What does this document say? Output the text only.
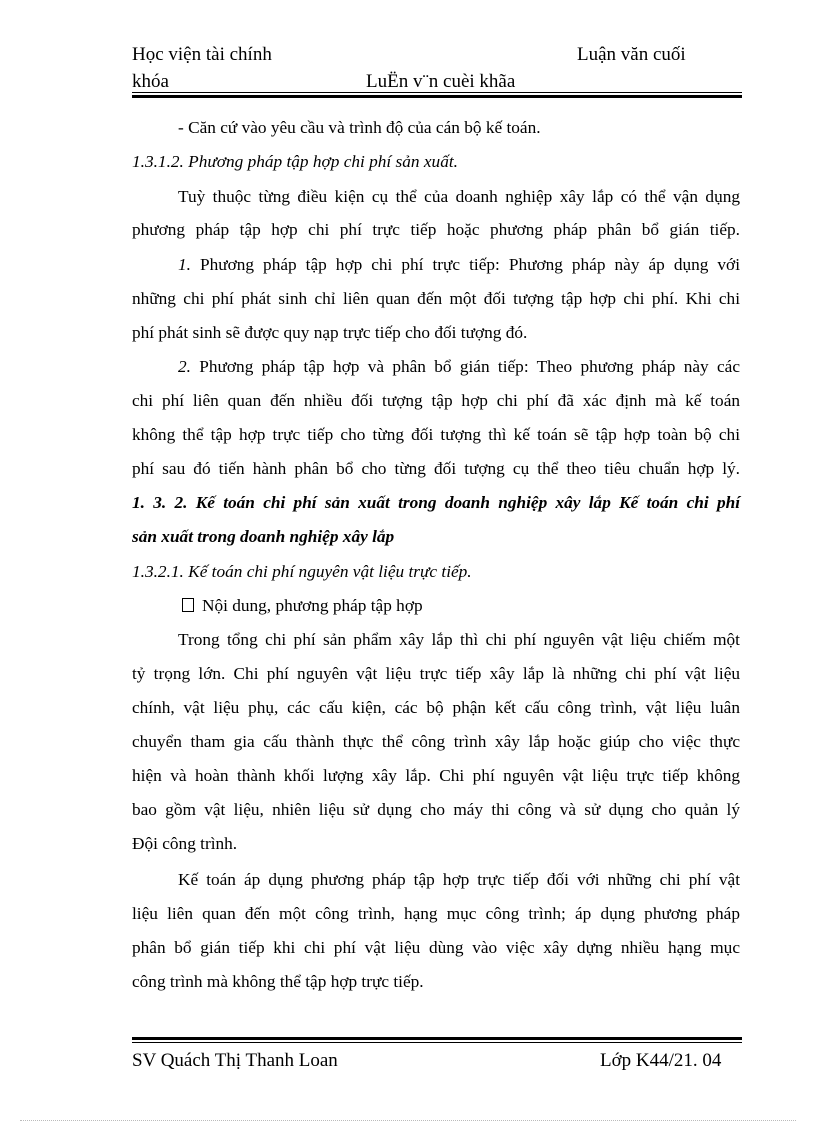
Học viện tài chính	Luận văn cuối
khóa	LuËn v¨n cuèi khãa
- Căn cứ vào yêu cầu và trình độ của cán bộ kế toán.
1.3.1.2. Phương pháp tập hợp chi phí sản xuất.
Tuỳ thuộc từng điều kiện cụ thể của doanh nghiệp xây lắp có thể vận dụng
phương pháp tập hợp chi phí trực tiếp hoặc phương pháp phân bổ gián tiếp.
1. Phương pháp tập hợp chi phí trực tiếp: Phương pháp này áp dụng với
những chi phí phát sinh chỉ liên quan đến một đối tượng tập hợp chi phí. Khi chi
phí phát sinh sẽ được quy nạp trực tiếp cho đối tượng đó.
2. Phương pháp tập hợp và phân bổ gián tiếp: Theo phương pháp này các
chi phí liên quan đến nhiều đối tượng tập hợp chi phí đã xác định mà kế toán
không thể tập hợp trực tiếp cho từng đối tượng thì kế toán sẽ tập hợp toàn bộ chi
phí sau đó tiến hành phân bổ cho từng đối tượng cụ thể theo tiêu chuẩn hợp lý.
1. 3. 2. Kế toán chi phí sản xuất trong doanh nghiệp xây lắp Kế toán chi phí
sản xuất trong doanh nghiệp xây lắp
1.3.2.1. Kế toán chi phí nguyên vật liệu trực tiếp.
Nội dung, phương pháp tập hợp
Trong tổng chi phí sản phẩm xây lắp thì chi phí nguyên vật liệu chiếm một
tỷ trọng lớn. Chi phí nguyên vật liệu trực tiếp xây lắp là những chi phí vật liệu
chính, vật liệu phụ, các cấu kiện, các bộ phận kết cấu công trình, vật liệu luân
chuyển tham gia cấu thành thực thể công trình xây lắp hoặc giúp cho việc thực
hiện và hoàn thành khối lượng xây lắp. Chi phí nguyên vật liệu trực tiếp không
bao gồm vật liệu, nhiên liệu sử dụng cho máy thi công và sử dụng cho quản lý
Đội công trình.
Kế toán áp dụng phương pháp tập hợp trực tiếp đối với những chi phí vật
liệu liên quan đến một công trình, hạng mục công trình; áp dụng phương pháp
phân bổ gián tiếp khi chi phí vật liệu dùng vào việc xây dựng nhiều hạng mục
công trình mà không thể tập hợp trực tiếp.
SV Quách Thị Thanh Loan	Lớp K44/21. 04
